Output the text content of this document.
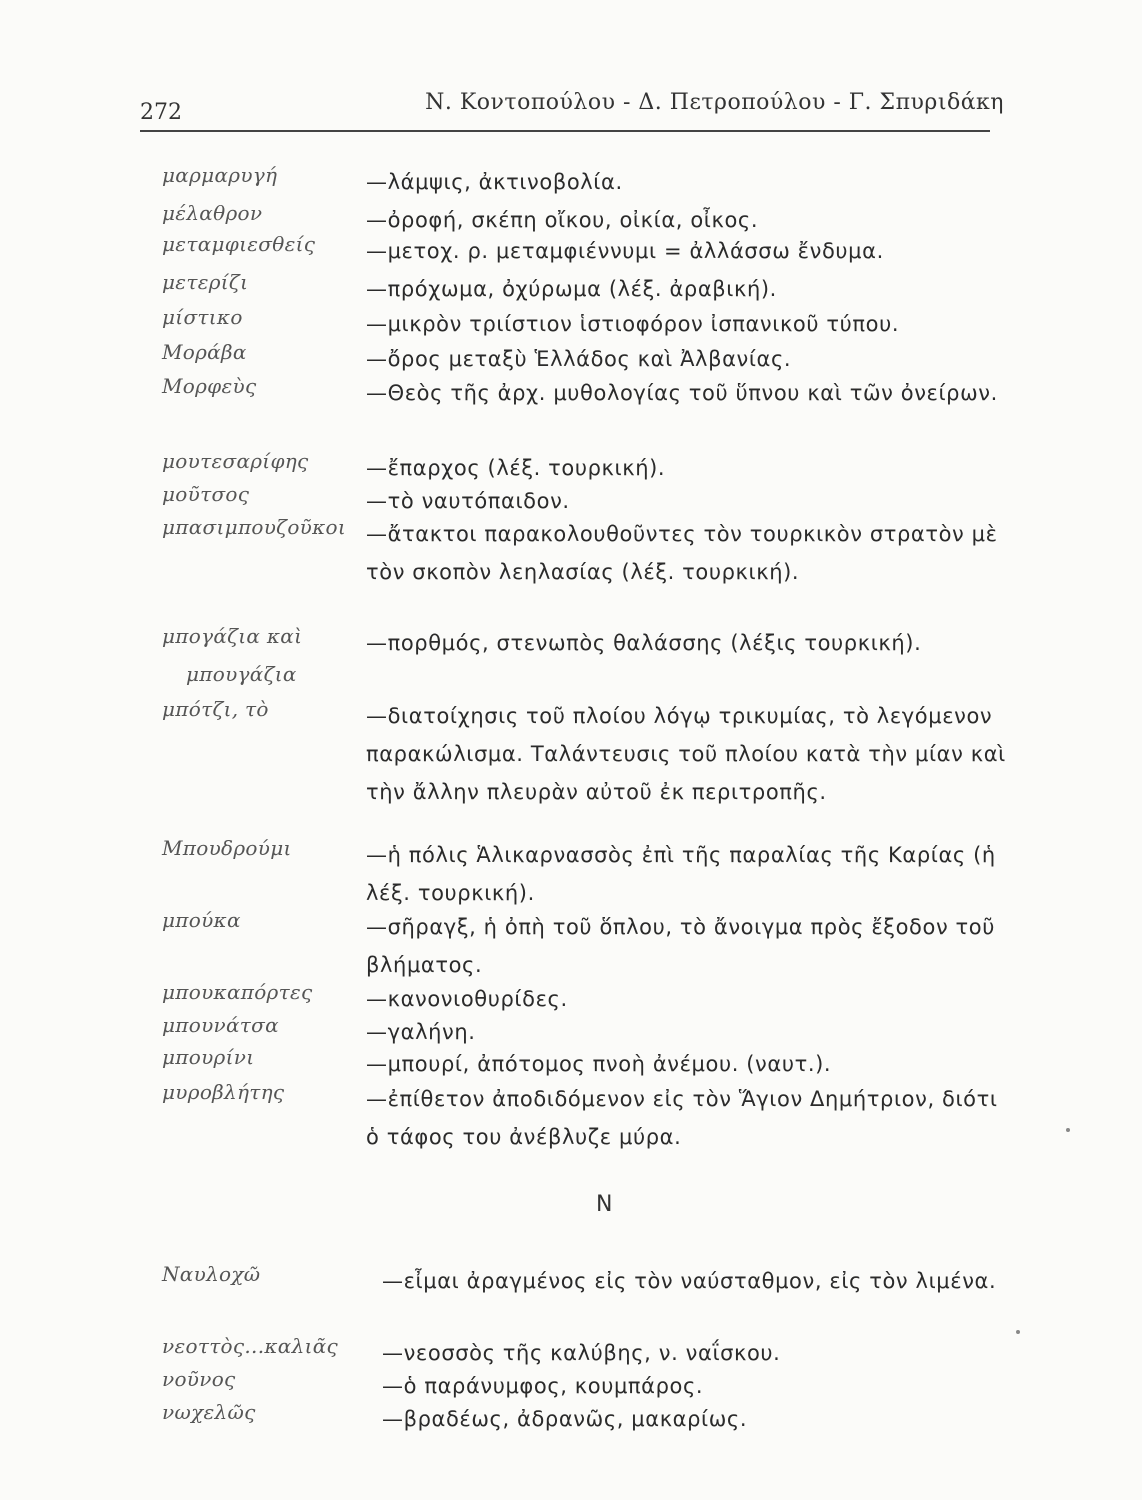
272	Ν. Κοντοπούλου - Δ. Πετροπούλου - Γ. Σπυριδάκη
μαρμαρυγή	—λάμψις, ἀκτινοβολία.
μέλαθρον	—ὀροφή, σκέπη οἴκου, οἰκία, οἶκος.
μεταμφιεσθείς	—μετοχ. ρ. μεταμφιέννυμι = ἀλλάσσω ἔνδυμα.
μετερίζι	—πρόχωμα, ὀχύρωμα (λέξ. ἀραβική).
μίστικο	—μικρὸν τριίστιον ἱστιοφόρον ἰσπανικοῦ τύπου.
Μοράβα	—ὄρος μεταξὺ Ἑλλάδος καὶ Ἀλβανίας.
Μορφεὺς	—Θεὸς τῆς ἀρχ. μυθολογίας τοῦ ὕπνου καὶ τῶν ὀνείρων.
μουτεσαρίφης	—ἔπαρχος (λέξ. τουρκική).
μοῦτσος	—τὸ ναυτόπαιδον.
μπασιμπουζοῦκοι —ἄτακτοι παρακολουθοῦντες τὸν τουρκικὸν στρατὸν μὲ τὸν σκοπὸν λεηλασίας (λέξ. τουρκική).
μπογάζια καὶ
μπουγάζια
—πορθμός, στενωπὸς θαλάσσης (λέξις τουρκική).
μπότζι, τὸ	—διατοίχησις τοῦ πλοίου λόγῳ τρικυμίας, τὸ λεγόμενον παρακώλισμα. Ταλάντευσις τοῦ πλοίου κατὰ τὴν μίαν καὶ τὴν ἄλλην πλευρὰν αὐτοῦ ἐκ περιτροπῆς.
Μπουδρούμι	—ἡ πόλις Ἁλικαρνασσὸς ἐπὶ τῆς παραλίας τῆς Καρίας (ἡ λέξ. τουρκική).
μπούκα	—σῆραγξ, ἡ ὀπὴ τοῦ ὅπλου, τὸ ἄνοιγμα πρὸς ἔξοδον τοῦ βλήματος.
μπουκαπόρτες	—κανονιοθυρίδες.
μπουνάτσα	—γαλήνη.
μπουρίνι	—μπουρί, ἀπότομος πνοὴ ἀνέμου. (ναυτ.).
μυροβλήτης	—ἐπίθετον ἀποδιδόμενον εἰς τὸν Ἅγιον Δημήτριον, διότι ὁ τάφος του ἀνέβλυζε μύρα.
N
Ναυλοχῶ	—εἶμαι ἀραγμένος εἰς τὸν ναύσταθμον, εἰς τὸν λιμένα.
νεοττὸς...καλιᾶς	—νεοσσὸς τῆς καλύβης, ν. ναΐσκου.
νοῦνος	—ὁ παράνυμφος, κουμπάρος.
νωχελῶς	—βραδέως, ἀδρανῶς, μακαρίως.
